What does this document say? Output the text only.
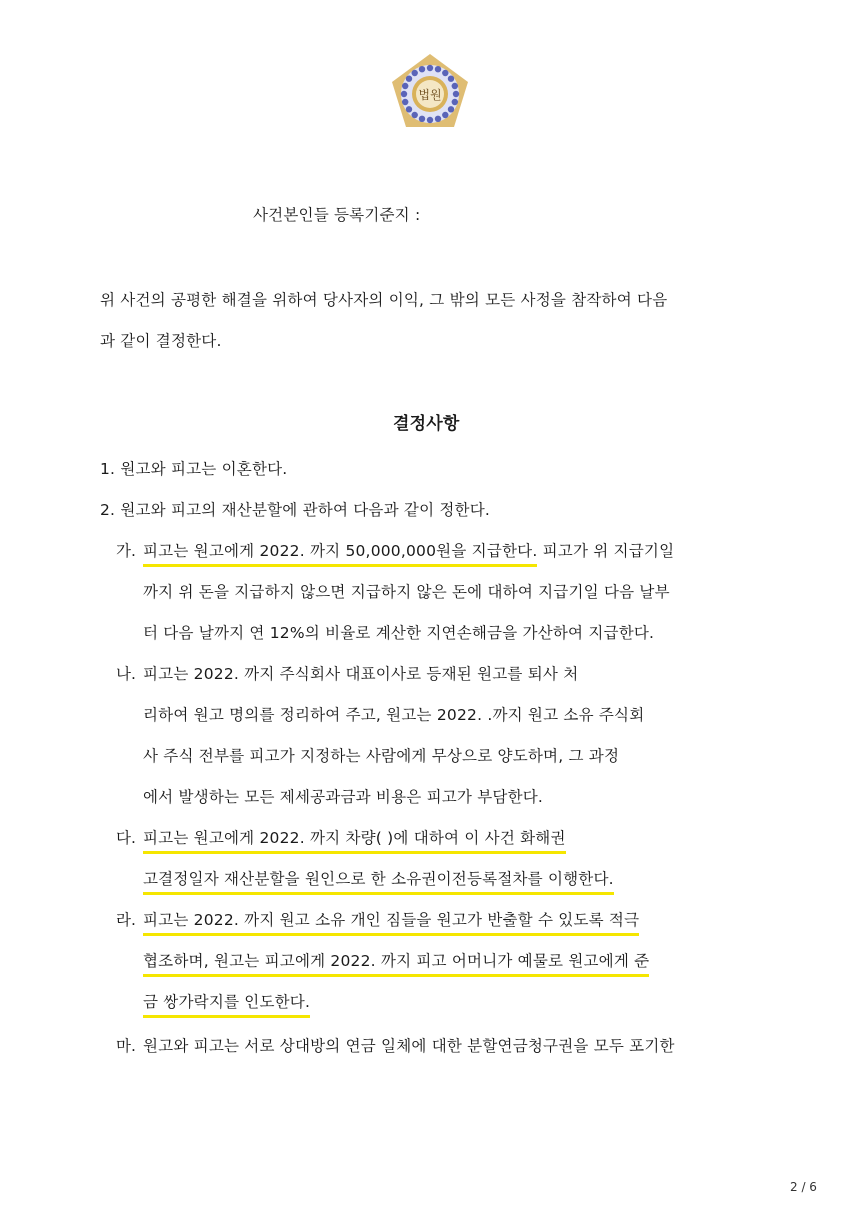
법원
사건본인들 등록기준지 :
위 사건의 공평한 해결을 위하여 당사자의 이익, 그 밖의 모든 사정을 참작하여 다음
과 같이 결정한다.
결정사항
1. 원고와 피고는 이혼한다.
2. 원고와 피고의 재산분할에 관하여 다음과 같이 정한다.
가. 피고는 원고에게 2022. 까지 50,000,000원을 지급한다. 피고가 위 지급기일
까지 위 돈을 지급하지 않으면 지급하지 않은 돈에 대하여 지급기일 다음 날부
터 다음 날까지 연 12%의 비율로 계산한 지연손해금을 가산하여 지급한다.
나. 피고는 2022. 까지 주식회사 대표이사로 등재된 원고를 퇴사 처
리하여 원고 명의를 정리하여 주고, 원고는 2022. .까지 원고 소유 주식회
사 주식 전부를 피고가 지정하는 사람에게 무상으로 양도하며, 그 과정
에서 발생하는 모든 제세공과금과 비용은 피고가 부담한다.
다. 피고는 원고에게 2022. 까지 차량( )에 대하여 이 사건 화해권
고결정일자 재산분할을 원인으로 한 소유권이전등록절차를 이행한다.
라. 피고는 2022. 까지 원고 소유 개인 짐들을 원고가 반출할 수 있도록 적극
협조하며, 원고는 피고에게 2022. 까지 피고 어머니가 예물로 원고에게 준
금 쌍가락지를 인도한다.
마. 원고와 피고는 서로 상대방의 연금 일체에 대한 분할연금청구권을 모두 포기한
2 / 6
